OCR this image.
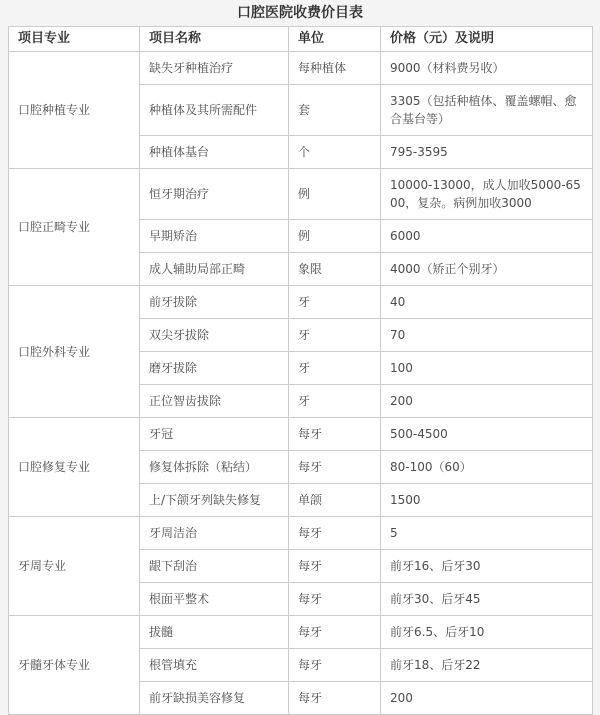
口腔医院收费价目表
项目专业	项目名称	单位	价格（元）及说明
口腔种植专业	缺失牙种植治疗	每种植体	9000（材料费另收）
	种植体及其所需配件	套	3305（包括种植体、覆盖螺帽、愈合基台等）
	种植体基台	个	795-3595
口腔正畸专业	恒牙期治疗	例	10000-13000，成人加收5000-6500，复杂。病例加收3000
	早期矫治	例	6000
	成人辅助局部正畸	象限	4000（矫正个别牙）
口腔外科专业	前牙拔除	牙	40
	双尖牙拔除	牙	70
	磨牙拔除	牙	100
	正位智齿拔除	牙	200
口腔修复专业	牙冠	每牙	500-4500
	修复体拆除（粘结）	每牙	80-100（60）
	上/下颌牙列缺失修复	单颌	1500
牙周专业	牙周洁治	每牙	5
	龈下刮治	每牙	前牙16、后牙30
	根面平整术	每牙	前牙30、后牙45
牙髓牙体专业	拔髓	每牙	前牙6.5、后牙10
	根管填充	每牙	前牙18、后牙22
	前牙缺损美容修复	每牙	200
